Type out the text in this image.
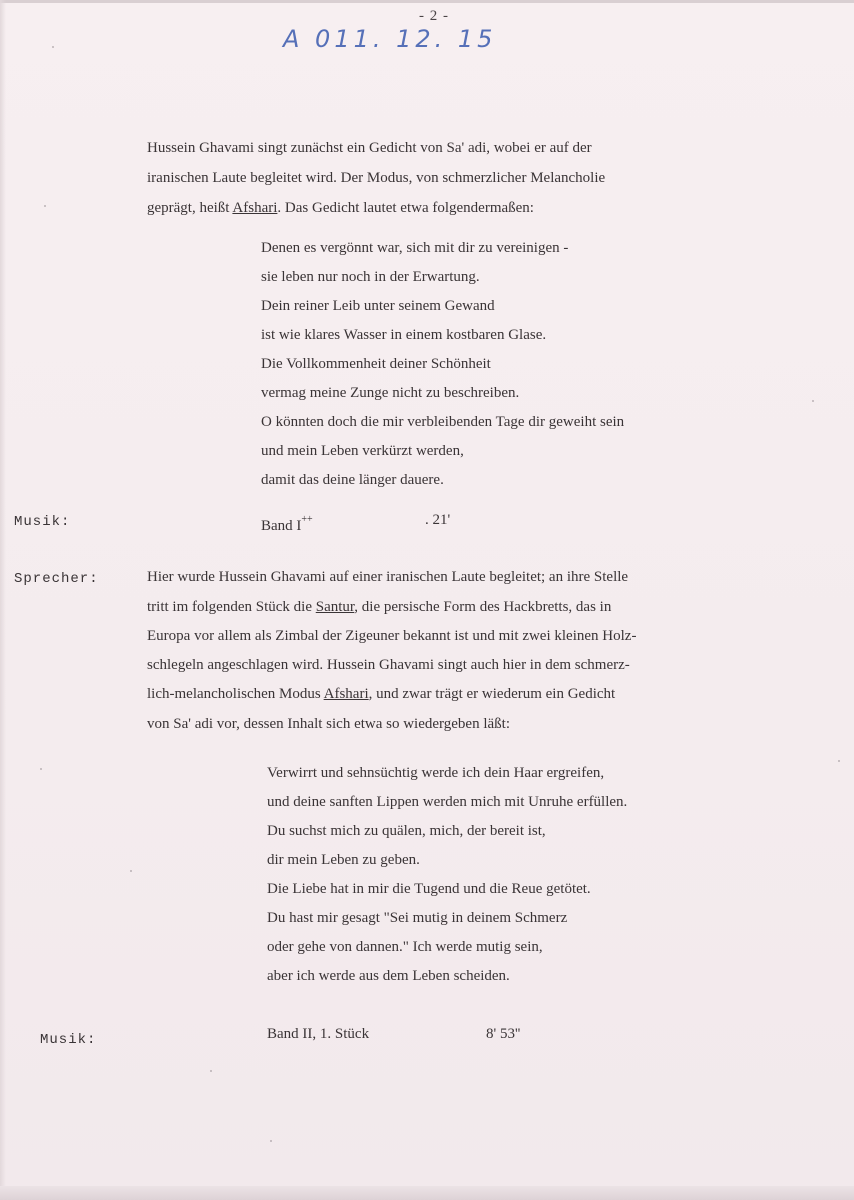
- 2 -
A 011. 12. 15
Hussein Ghavami singt zunächst ein Gedicht von Sa' adi, wobei er auf der
iranischen Laute begleitet wird. Der Modus, von schmerzlicher Melancholie
geprägt, heißt Afshari. Das Gedicht lautet etwa folgendermaßen:
Denen es vergönnt war, sich mit dir zu vereinigen -
sie leben nur noch in der Erwartung.
Dein reiner Leib unter seinem Gewand
ist wie klares Wasser in einem kostbaren Glase.
Die Vollkommenheit deiner Schönheit
vermag meine Zunge nicht zu beschreiben.
O könnten doch die mir verbleibenden Tage dir geweiht sein
und mein Leben verkürzt werden,
damit das deine länger dauere.
Musik:	Band I++	. 21'
Sprecher:	Hier wurde Hussein Ghavami auf einer iranischen Laute begleitet; an ihre Stelle
tritt im folgenden Stück die Santur, die persische Form des Hackbretts, das in
Europa vor allem als Zimbal der Zigeuner bekannt ist und mit zwei kleinen Holz-
schlegeln angeschlagen wird. Hussein Ghavami singt auch hier in dem schmerz-
lich-melancholischen Modus Afshari, und zwar trägt er wiederum ein Gedicht
von Sa' adi vor, dessen Inhalt sich etwa so wiedergeben läßt:
Verwirrt und sehnsüchtig werde ich dein Haar ergreifen,
und deine sanften Lippen werden mich mit Unruhe erfüllen.
Du suchst mich zu quälen, mich, der bereit ist,
dir mein Leben zu geben.
Die Liebe hat in mir die Tugend und die Reue getötet.
Du hast mir gesagt "Sei mutig in deinem Schmerz
oder gehe von dannen." Ich werde mutig sein,
aber ich werde aus dem Leben scheiden.
Musik:	Band II, 1. Stück	8' 53''
